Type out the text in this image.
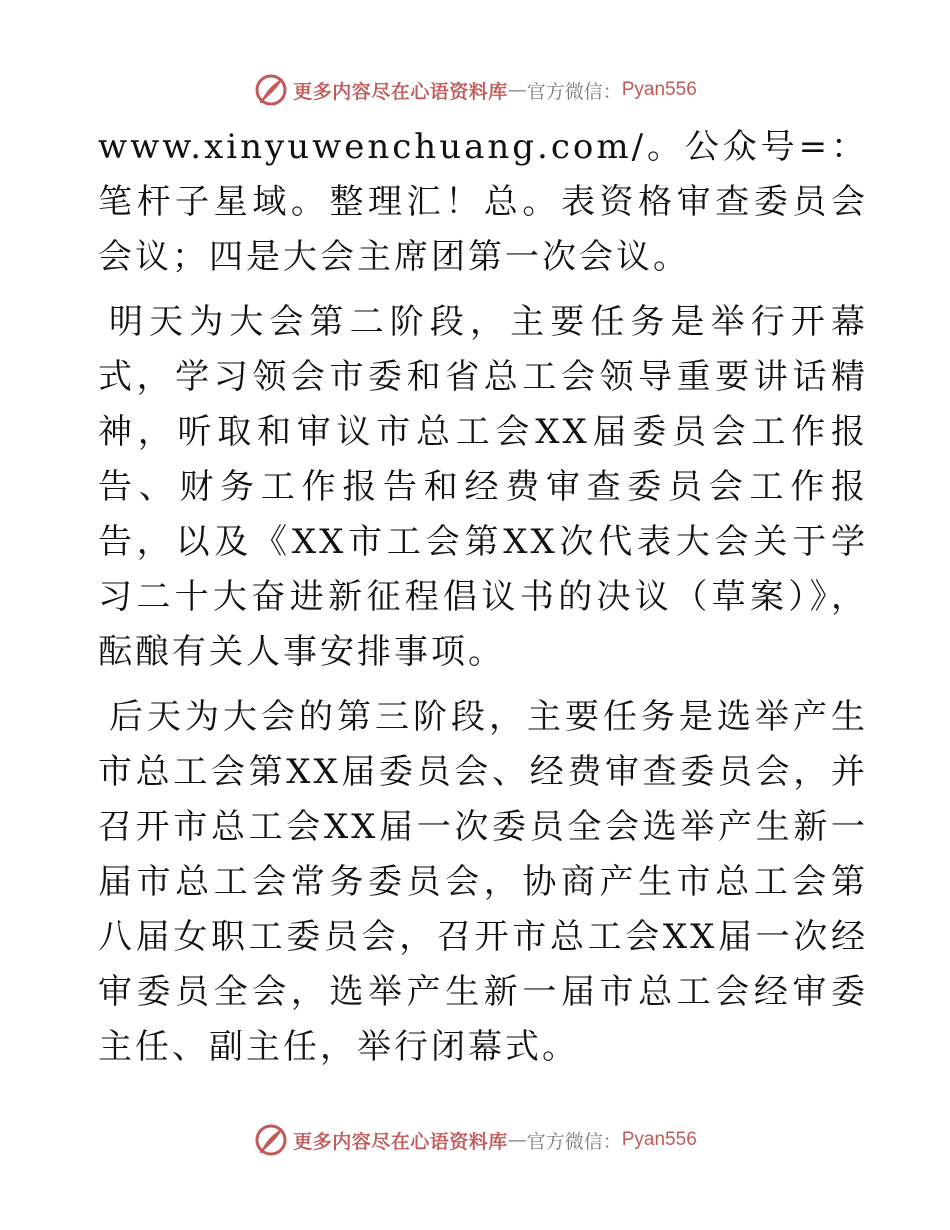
更多内容尽在心语资料库 — 官方微信： Pyan556

www.xinyuwenchuang.com/。公众号=：笔杆子星域。整理汇！总。表资格审查委员会会议；四是大会主席团第一次会议。

明天为大会第二阶段，主要任务是举行开幕式，学习领会市委和省总工会领导重要讲话精神，听取和审议市总工会XX届委员会工作报告、财务工作报告和经费审查委员会工作报告，以及《XX市工会第XX次代表大会关于学习二十大奋进新征程倡议书的决议（草案）》，酝酿有关人事安排事项。

后天为大会的第三阶段，主要任务是选举产生市总工会第XX届委员会、经费审查委员会，并召开市总工会XX届一次委员全会选举产生新一届市总工会常务委员会，协商产生市总工会第八届女职工委员会，召开市总工会XX届一次经审委员全会，选举产生新一届市总工会经审委主任、副主任，举行闭幕式。

更多内容尽在心语资料库 — 官方微信： Pyan556
